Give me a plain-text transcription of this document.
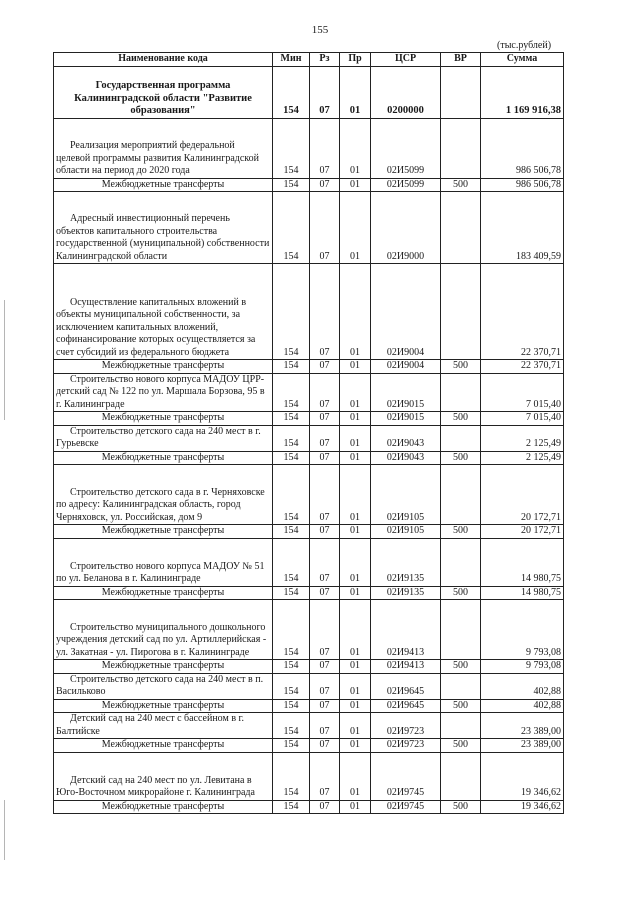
155
(тыс.рублей)
Наименование кода	Мин	Рз	Пр	ЦСР	ВР	Сумма
Государственная программа Калининградской области "Развитие образования"	154	07	01	0200000		1 169 916,38

Реализация мероприятий федеральной целевой программы развития Калининградской области на период до 2020 года	154	07	01	02И5099		986 506,78
Межбюджетные трансферты	154	07	01	02И5099	500	986 506,78

Адресный инвестиционный перечень объектов капитального строительства государственной (муниципальной) собственности Калининградской области	154	07	01	02И9000		183 409,59

Осуществление капитальных вложений в объекты муниципальной собственности, за исключением капитальных вложений, софинансирование которых осуществляется за счет субсидий из федерального бюджета	154	07	01	02И9004		22 370,71
Межбюджетные трансферты	154	07	01	02И9004	500	22 370,71

Строительство нового корпуса МАДОУ ЦРР-детский сад № 122 по ул. Маршала Борзова, 95 в г. Калининграде	154	07	01	02И9015		7 015,40
Межбюджетные трансферты	154	07	01	02И9015	500	7 015,40

Строительство детского сада на 240 мест в г. Гурьевске	154	07	01	02И9043		2 125,49
Межбюджетные трансферты	154	07	01	02И9043	500	2 125,49

Строительство детского сада в г. Черняховске по адресу: Калининградская область, город Черняховск, ул. Российская, дом 9	154	07	01	02И9105		20 172,71
Межбюджетные трансферты	154	07	01	02И9105	500	20 172,71

Строительство нового корпуса МАДОУ № 51 по ул. Беланова в г. Калининграде	154	07	01	02И9135		14 980,75
Межбюджетные трансферты	154	07	01	02И9135	500	14 980,75

Строительство муниципального дошкольного учреждения детский сад по ул. Артиллерийская - ул. Закатная - ул. Пирогова в г. Калининграде	154	07	01	02И9413		9 793,08
Межбюджетные трансферты	154	07	01	02И9413	500	9 793,08

Строительство детского сада на 240 мест в п. Васильково	154	07	01	02И9645		402,88
Межбюджетные трансферты	154	07	01	02И9645	500	402,88

Детский сад на 240 мест с бассейном в г. Балтийске	154	07	01	02И9723		23 389,00
Межбюджетные трансферты	154	07	01	02И9723	500	23 389,00

Детский сад на 240 мест по ул. Левитана в Юго-Восточном микрорайоне г. Калининграда	154	07	01	02И9745		19 346,62
Межбюджетные трансферты	154	07	01	02И9745	500	19 346,62
